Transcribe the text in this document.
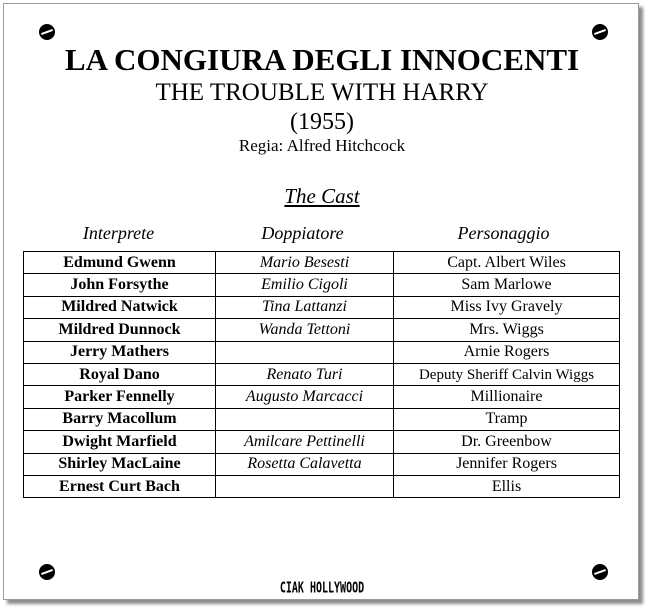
LA CONGIURA DEGLI INNOCENTI
THE TROUBLE WITH HARRY
(1955)
Regia: Alfred Hitchcock
The Cast
Interprete	Doppiatore	Personaggio
Edmund Gwenn	Mario Besesti	Capt. Albert Wiles
John Forsythe	Emilio Cigoli	Sam Marlowe
Mildred Natwick	Tina Lattanzi	Miss Ivy Gravely
Mildred Dunnock	Wanda Tettoni	Mrs. Wiggs
Jerry Mathers		Arnie Rogers
Royal Dano	Renato Turi	Deputy Sheriff Calvin Wiggs
Parker Fennelly	Augusto Marcacci	Millionaire
Barry Macollum		Tramp
Dwight Marfield	Amilcare Pettinelli	Dr. Greenbow
Shirley MacLaine	Rosetta Calavetta	Jennifer Rogers
Ernest Curt Bach		Ellis
CIAK HOLLYWOOD
